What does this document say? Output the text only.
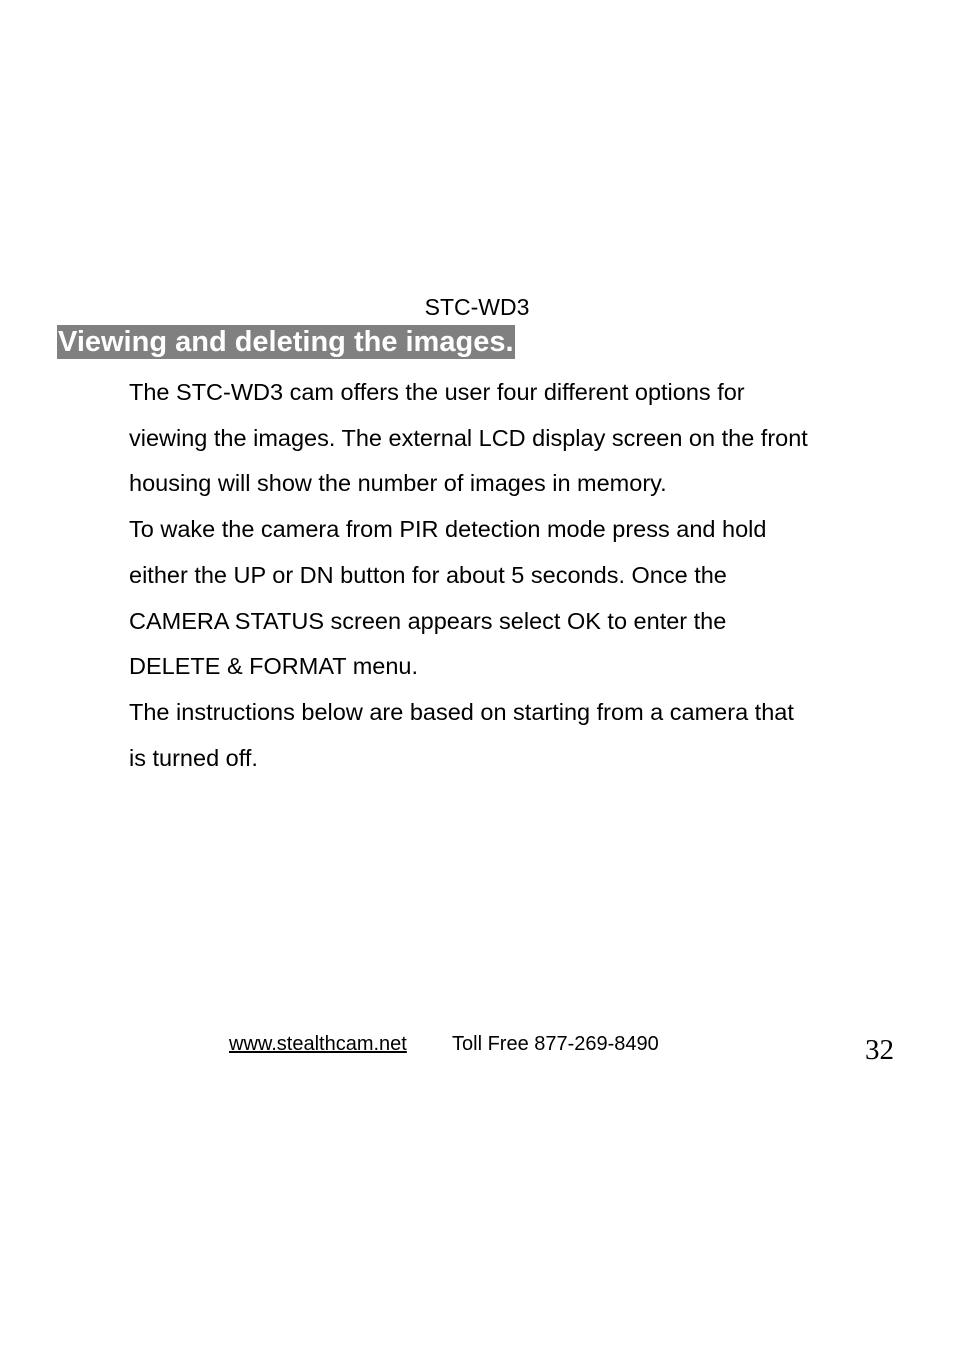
STC-WD3
Viewing and deleting the images.
The STC-WD3 cam offers the user four different options for
viewing the images. The external LCD display screen on the front
housing will show the number of images in memory.
To wake the camera from PIR detection mode press and hold
either the UP or DN button for about 5 seconds. Once the
CAMERA STATUS screen appears select OK to enter the
DELETE & FORMAT menu.
The instructions below are based on starting from a camera that
is turned off.
www.stealthcam.net Toll Free 877-269-8490	32
